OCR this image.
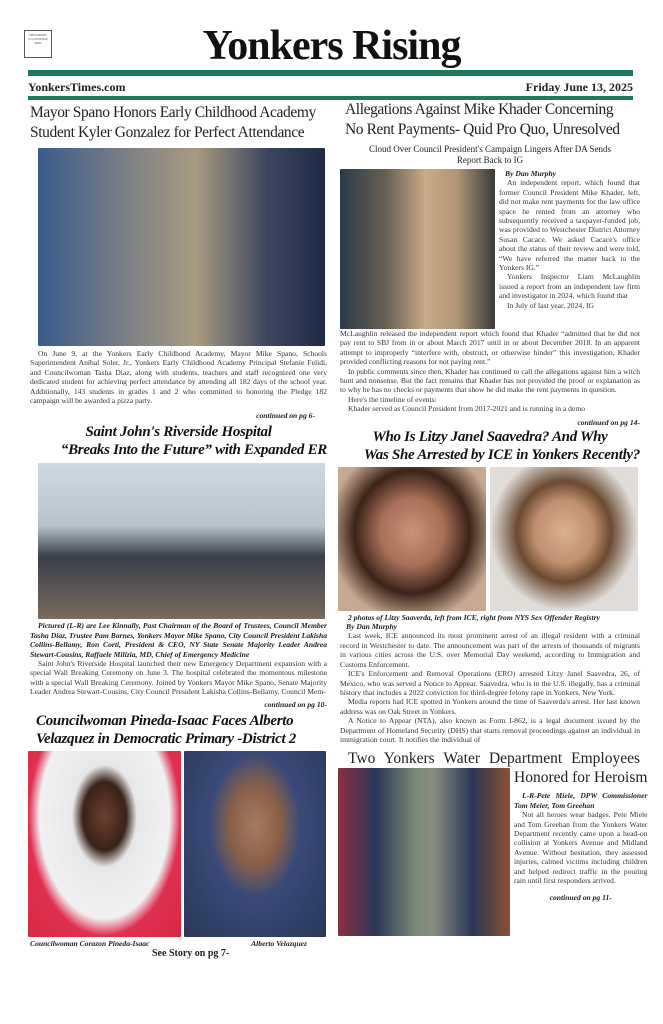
PRESORTED U.S. POSTAGE PAID	Yonkers Rising
YonkersTimes.com	Friday June 13, 2025
Mayor Spano Honors Early Childhood Academy
Student Kyler Gonzalez for Perfect Attendance

On June 9, at the Yonkers Early Childhood Academy, Mayor Mike Spano, Schools Superintendent Aníbal Soler, Jr., Yonkers Early Childhood Academy Principal Stefanie Felidi, and Councilwoman Tasha Diaz, along with students, teachers and staff recognized one very dedicated student for achieving perfect attendance by attending all 182 days of the school year. Additionally, 143 students in grades 1 and 2 who committed to honoring the Pledge 182 campaign will be awarded a pizza party.

continued on pg 6-
Saint John's Riverside Hospital
“Breaks Into the Future” with Expanded ER

Pictured (L-R) are Lee Kinnally, Past Chairman of the Board of Trustees, Council Member Tasha Diaz, Trustee Pam Barnes, Yonkers Mayor Mike Spano, City Council President Lakisha Collins-Bellamy, Ron Corti, President & CEO, NY State Senate Majority Leader Andrea Stewart-Cousins, Raffaele Milizia, MD, Chief of Emergency Medicine

Saint John's Riverside Hospital launched their new Emergency Department expansion with a special Wall Breaking Ceremony on June 3. The hospital celebrated the momentous milestone with a special Wall Breaking Ceremony. Joined by Yonkers Mayor Mike Spano, Senate Majority Leader Andrea Stewart-Cousins, City Council President Lakisha Collins-Bellamy, Council Mem-

continued on pg 10-
Councilwoman Pineda-Isaac Faces Alberto
Velazquez in Democratic Primary -District 2
Councilwoman Corazon Pineda-Isaac	Alberto Velazquez
See Story on pg 7-
Allegations Against Mike Khader Concerning
No Rent Payments- Quid Pro Quo, Unresolved
Cloud Over Council President's Campaign Lingers After DA Sends Report Back to IG
By Dan Murphy

An independent report, which found that former Council President Mike Khader, left, did not make rent payments for the law office space he rented from an attorney who subsequently received a taxpayer-funded job, was provided to Westchester District Attorney Susan Cacace. We asked Cacace's office about the status of their review and were told, “We have referred the matter back to the Yonkers IG.”

Yonkers Inspector Liam McLaughlin issued a report from an independent law firm and investigator in 2024, which found that

In July of last year, 2024, IG

McLaughlin released the independent report which found that Khader “admitted that he did not pay rent to SBJ from in or about March 2017 until in or about December 2018. In an apparent attempt to improperly “interfere with, obstruct, or otherwise hinder” this investigation, Khader provided conflicting reasons for not paying rent.”

In public comments since then, Khader has continued to call the allegations against him a witch hunt and nonsense. But the fact remains that Khader has not provided the proof or explanation as to why he has no checks or payments that show he did make the rent payments in question.

Here's the timeline of events:

Khader served as Council President from 2017-2021 and is running in a demo

continued on pg 14-
Who Is Litzy Janel Saavedra? And Why
Was She Arrested by ICE in Yonkers Recently?
2 photos of Litzy Saaverda, left from ICE, right from NYS Sex Offender Registry
By Dan Murphy

Last week, ICE announced its most prominent arrest of an illegal resident with a criminal record in Westchester to date. The announcement was part of the arrests of thousands of migrants in various cities across the U.S. over Memorial Day weekend, according to Immigration and Customs Enforcement.

ICE's Enforcement and Removal Operations (ERO) arrested Litzy Janel Saavedra, 26, of Mexico, who was served a Notice to Appear. Saavedra, who is in the U.S. illegally, has a criminal history that includes a 2022 conviction for third-degree felony rape in Yonkers, New York.

Media reports had ICE spotted in Yonkers around the time of Saaverda's arrest. Her last known address was on Oak Street in Yonkers.

A Notice to Appear (NTA), also known as Form I-862, is a legal document issued by the Department of Homeland Security (DHS) that starts removal proceedings against an individual in immigration court. It notifies the individual of

Two Yonkers Water Department Employees
Honored for Heroism

L-R-Pete Miele, DPW Commissioner Tom Meier, Tom Greehan

Not all heroes wear badges. Pete Miele and Tom Greehan from the Yonkers Water Department recently came upon a head-on collision at Yonkers Avenue and Midland Avenue. Without hesitation, they assessed injuries, calmed victims including children and helped redirect traffic in the pouring rain until first responders arrived.

continued on pg 11-
